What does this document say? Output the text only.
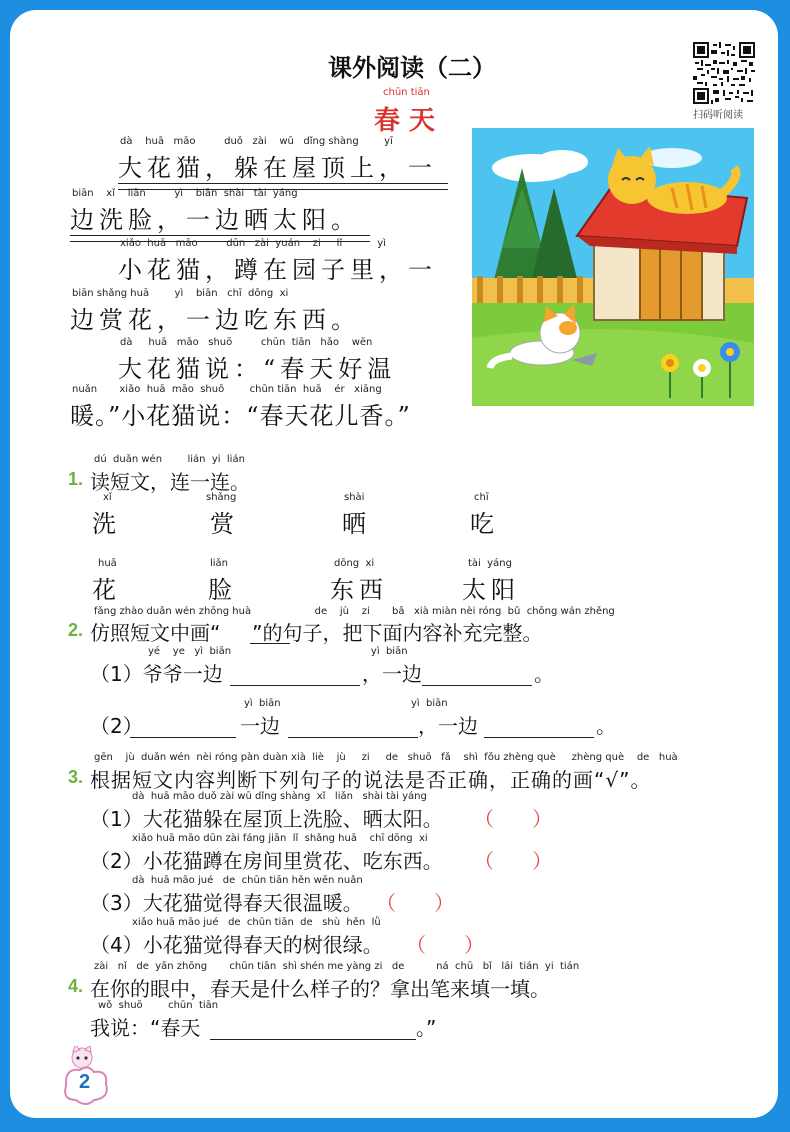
课外阅读（二）
扫码听阅读
chūn tiān
春 天
dà    huā   māo         duǒ   zài    wū   dǐng shàng        yī
大花猫，躲在屋顶上，一
biān    xǐ    liǎn         yì    biān  shài   tài  yáng
边洗脸，一边晒太阳。
xiǎo  huā   māo         dūn   zài  yuán    zi     lǐ           yì
小花猫，蹲在园子里，一
biān shǎng huā        yì    biān   chī  dōng  xi
边赏花，一边吃东西。
dà     huā   māo   shuō         chūn  tiān   hǎo    wēn
大花猫说：“春天好温
nuǎn       xiǎo  huā  māo  shuō        chūn tiān  huā    ér   xiāng
暖。”小花猫说：“春天花儿香。”
dú  duǎn wén        lián  yi  lián
1. 读短文，连一连。
xǐ
洗
shǎng
赏
shài
晒
chī
吃
huā
花
liǎn
脸
dōng  xi
东西
tài  yáng
太阳
fǎng zhào duǎn wén zhōng huà                    de    jù    zi       bǎ   xià miàn nèi róng  bǔ  chōng wán zhěng
2. 仿照短文中画“     ”的句子，把下面内容补充完整。
yé    ye   yì  biān                                            yì  biān
（1）爷爷一边	，一边	。
yì  biān                                         yì  biān
（2）	一边	，一边	。
gēn    jù  duǎn wén  nèi róng pàn duàn xià  liè    jù     zi     de   shuō   fǎ    shì  fǒu zhèng què     zhèng què    de   huà
3. 根据短文内容判断下列句子的说法是否正确，正确的画“√”。
dà  huā māo duǒ zài wū dǐng shàng  xǐ   liǎn   shài tài yáng
（1）大花猫躲在屋顶上洗脸、晒太阳。 （      ）
xiǎo huā māo dūn zài fáng jiān  lǐ  shǎng huā    chī dōng  xi
（2）小花猫蹲在房间里赏花、吃东西。 （      ）
dà  huā māo jué   de  chūn tiān hěn wēn nuǎn
（3）大花猫觉得春天很温暖。 （      ）
xiǎo huā māo jué   de  chūn tiān  de   shù  hěn  lǜ
（4）小花猫觉得春天的树很绿。 （      ）
zài   nǐ   de  yǎn zhōng       chūn tiān  shì shén me yàng zi   de          ná  chū   bǐ   lái  tián  yi  tián
4. 在你的眼中，春天是什么样子的？拿出笔来填一填。
wǒ  shuō        chūn  tiān
我说：“春天	。”
2
